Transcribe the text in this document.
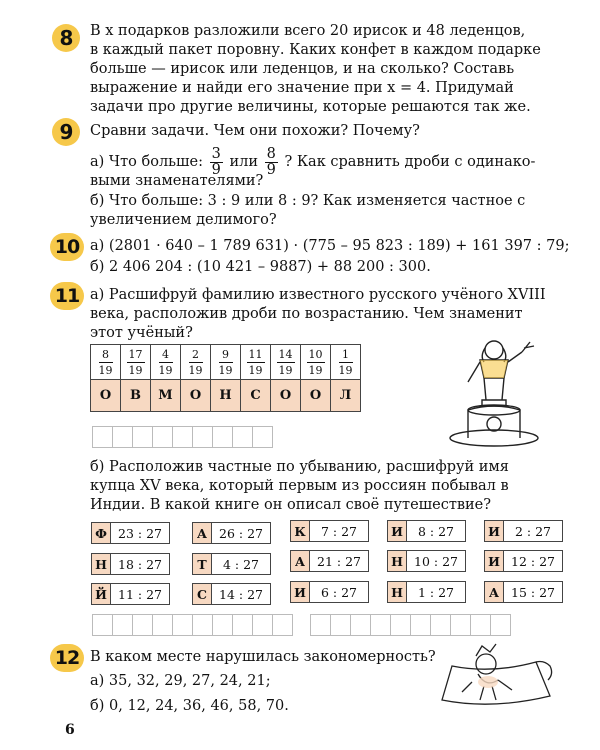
8	В x подарков разложили всего 20 ирисок и 48 леденцов,
в каждый пакет поровну. Каких конфет в каждом подарке
больше — ирисок или леденцов, и на сколько? Составь
выражение и найди его значение при x = 4. Придумай
задачи про другие величины, которые решаются так же.
9	Сравни задачи. Чем они похожи? Почему?
а) Что больше: $\frac{3}{9}$ или $\frac{8}{9}$ ? Как сравнить дроби с одинако-
выми знаменателями?
б) Что больше: 3 : 9 или 8 : 9? Как изменяется частное с
увеличением делимого?
10 а) (2801 · 640 – 1 789 631) · (775 – 95 823 : 189) + 161 397 : 79;
б) 2 406 204 : (10 421 – 9887) + 88 200 : 300.
11 а) Расшифруй фамилию известного русского учёного XVIII
века, расположив дроби по возрастанию. Чем знаменит
этот учёный?
$\frac{8}{19}$	$\frac{17}{19}$	$\frac{4}{19}$	$\frac{2}{19}$	$\frac{9}{19}$	$\frac{11}{19}$	$\frac{14}{19}$	$\frac{10}{19}$	$\frac{1}{19}$

О	В	М	О	Н	С	О	О	Л
б) Расположив частные по убыванию, расшифруй имя
купца XV века, который первым из россиян побывал в
Индии. В какой книге он описал своё путешествие?
Ф 23 : 27
Н 18 : 27
Й 11 : 27
А 26 : 27
Т	4 : 27
С 14 : 27
К	7 : 27
А 21 : 27
И	6 : 27
И	8 : 27
Н 10 : 27
Н	1 : 27
И	2 : 27
И 12 : 27
А 15 : 27
12 В каком месте нарушилась закономерность?
а) 35, 32, 29, 27, 24, 21;
б) 0, 12, 24, 36, 46, 58, 70.
6
